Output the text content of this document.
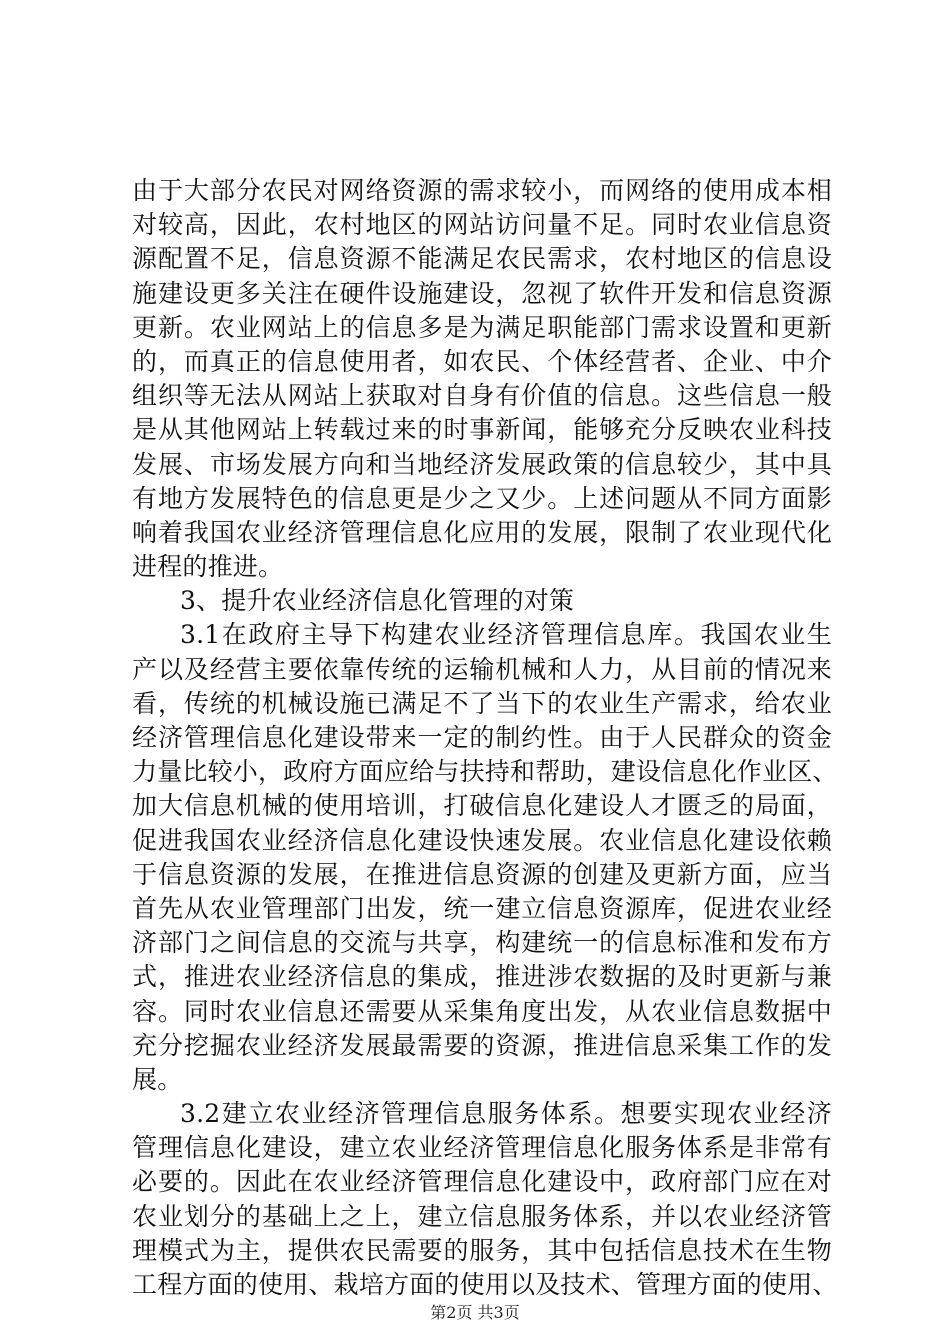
由于大部分农民对网络资源的需求较小，而网络的使用成本相
对较高，因此，农村地区的网站访问量不足。同时农业信息资
源配置不足，信息资源不能满足农民需求，农村地区的信息设
施建设更多关注在硬件设施建设，忽视了软件开发和信息资源
更新。农业网站上的信息多是为满足职能部门需求设置和更新
的，而真正的信息使用者，如农民、个体经营者、企业、中介
组织等无法从网站上获取对自身有价值的信息。这些信息一般
是从其他网站上转载过来的时事新闻，能够充分反映农业科技
发展、市场发展方向和当地经济发展政策的信息较少，其中具
有地方发展特色的信息更是少之又少。上述问题从不同方面影
响着我国农业经济管理信息化应用的发展，限制了农业现代化
进程的推进。
3、提升农业经济信息化管理的对策
3.1在政府主导下构建农业经济管理信息库。我国农业生
产以及经营主要依靠传统的运输机械和人力，从目前的情况来
看，传统的机械设施已满足不了当下的农业生产需求，给农业
经济管理信息化建设带来一定的制约性。由于人民群众的资金
力量比较小，政府方面应给与扶持和帮助，建设信息化作业区、
加大信息机械的使用培训，打破信息化建设人才匮乏的局面，
促进我国农业经济信息化建设快速发展。农业信息化建设依赖
于信息资源的发展，在推进信息资源的创建及更新方面，应当
首先从农业管理部门出发，统一建立信息资源库，促进农业经
济部门之间信息的交流与共享，构建统一的信息标准和发布方
式，推进农业经济信息的集成，推进涉农数据的及时更新与兼
容。同时农业信息还需要从采集角度出发，从农业信息数据中
充分挖掘农业经济发展最需要的资源，推进信息采集工作的发
展。
3.2建立农业经济管理信息服务体系。想要实现农业经济
管理信息化建设，建立农业经济管理信息化服务体系是非常有
必要的。因此在农业经济管理信息化建设中，政府部门应在对
农业划分的基础上之上，建立信息服务体系，并以农业经济管
理模式为主，提供农民需要的服务，其中包括信息技术在生物
工程方面的使用、栽培方面的使用以及技术、管理方面的使用、
第2页 共3页
